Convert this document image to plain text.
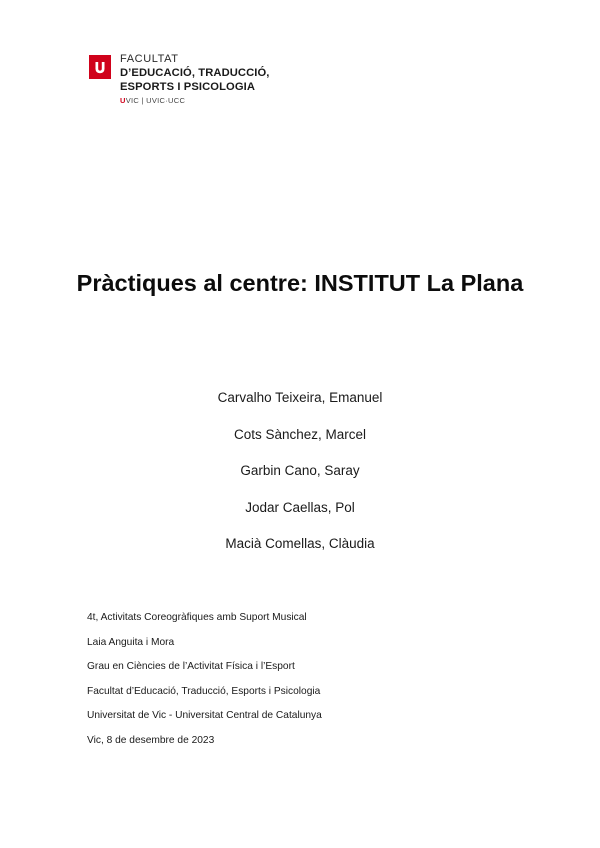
FACULTAT
D’EDUCACIÓ, TRADUCCIÓ,
ESPORTS I PSICOLOGIA
UVIC | UVIC·UCC
Pràctiques al centre: INSTITUT La Plana
Carvalho Teixeira, Emanuel
Cots Sànchez, Marcel
Garbin Cano, Saray
Jodar Caellas, Pol
Macià Comellas, Clàudia
4t, Activitats Coreogràfiques amb Suport Musical
Laia Anguita i Mora
Grau en Ciències de l’Activitat Física i l’Esport
Facultat d’Educació, Traducció, Esports i Psicologia
Universitat de Vic - Universitat Central de Catalunya
Vic, 8 de desembre de 2023
